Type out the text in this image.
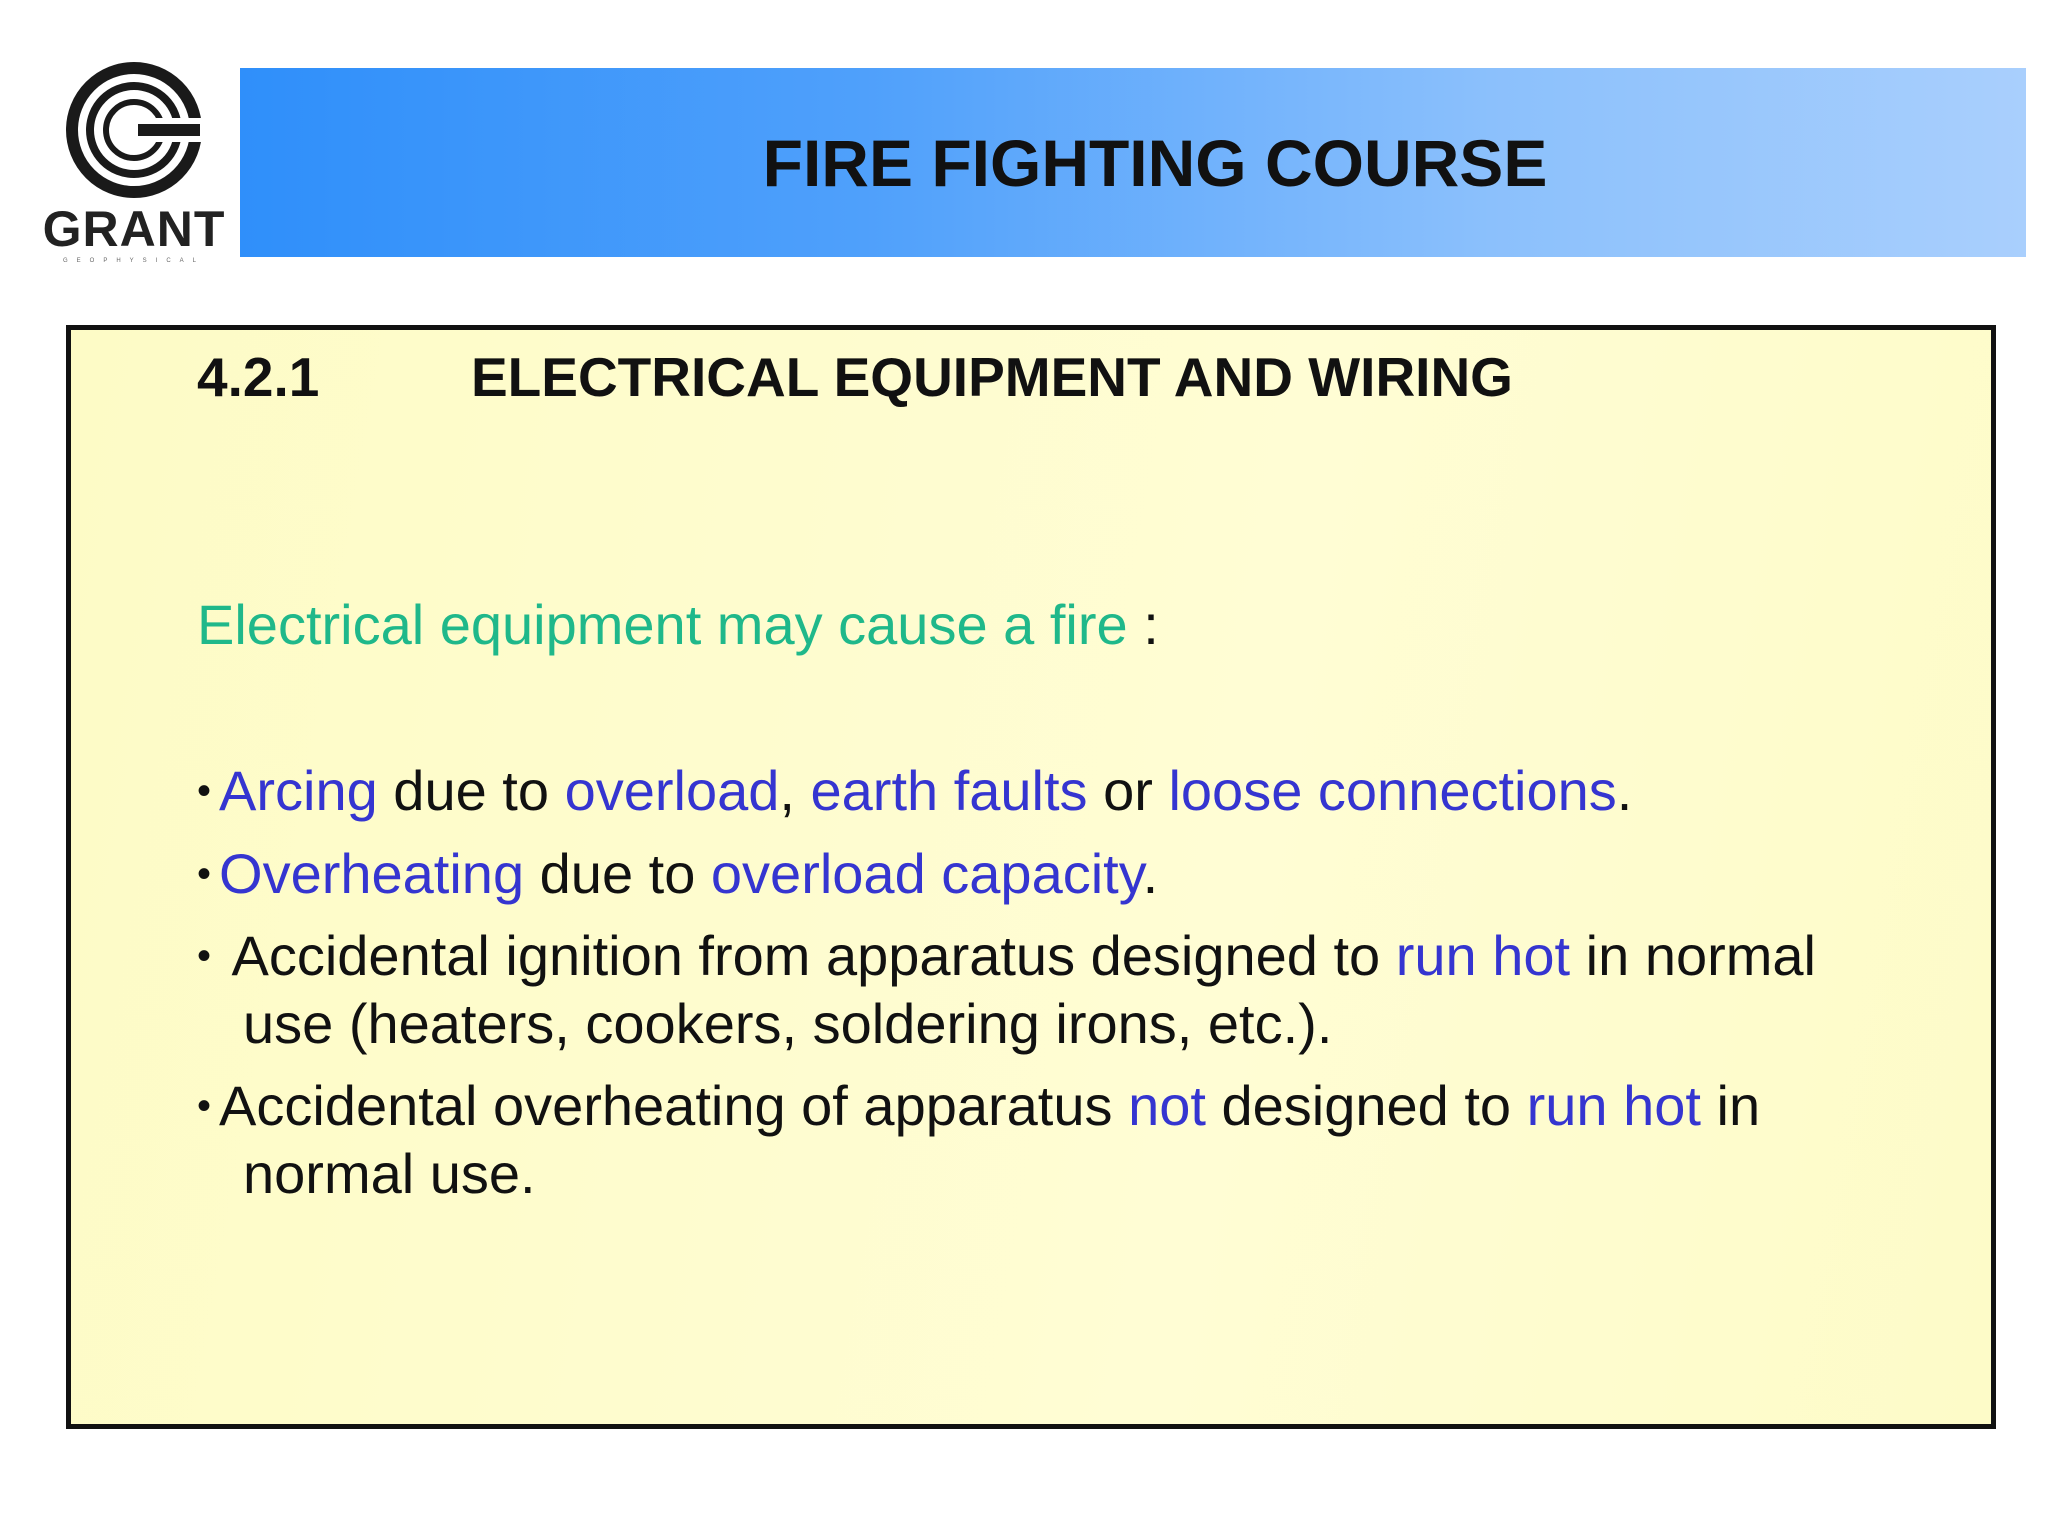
GRANT
GEOPHYSICAL
FIRE FIGHTING COURSE
4.2.1	ELECTRICAL EQUIPMENT AND WIRING
Electrical equipment may cause a fire :
• Arcing due to overload, earth faults or loose connections.
• Overheating due to overload capacity.
• Accidental ignition from apparatus designed to run hot in normal
use (heaters, cookers, soldering irons, etc.).
• Accidental overheating of apparatus not designed to run hot in
normal use.
